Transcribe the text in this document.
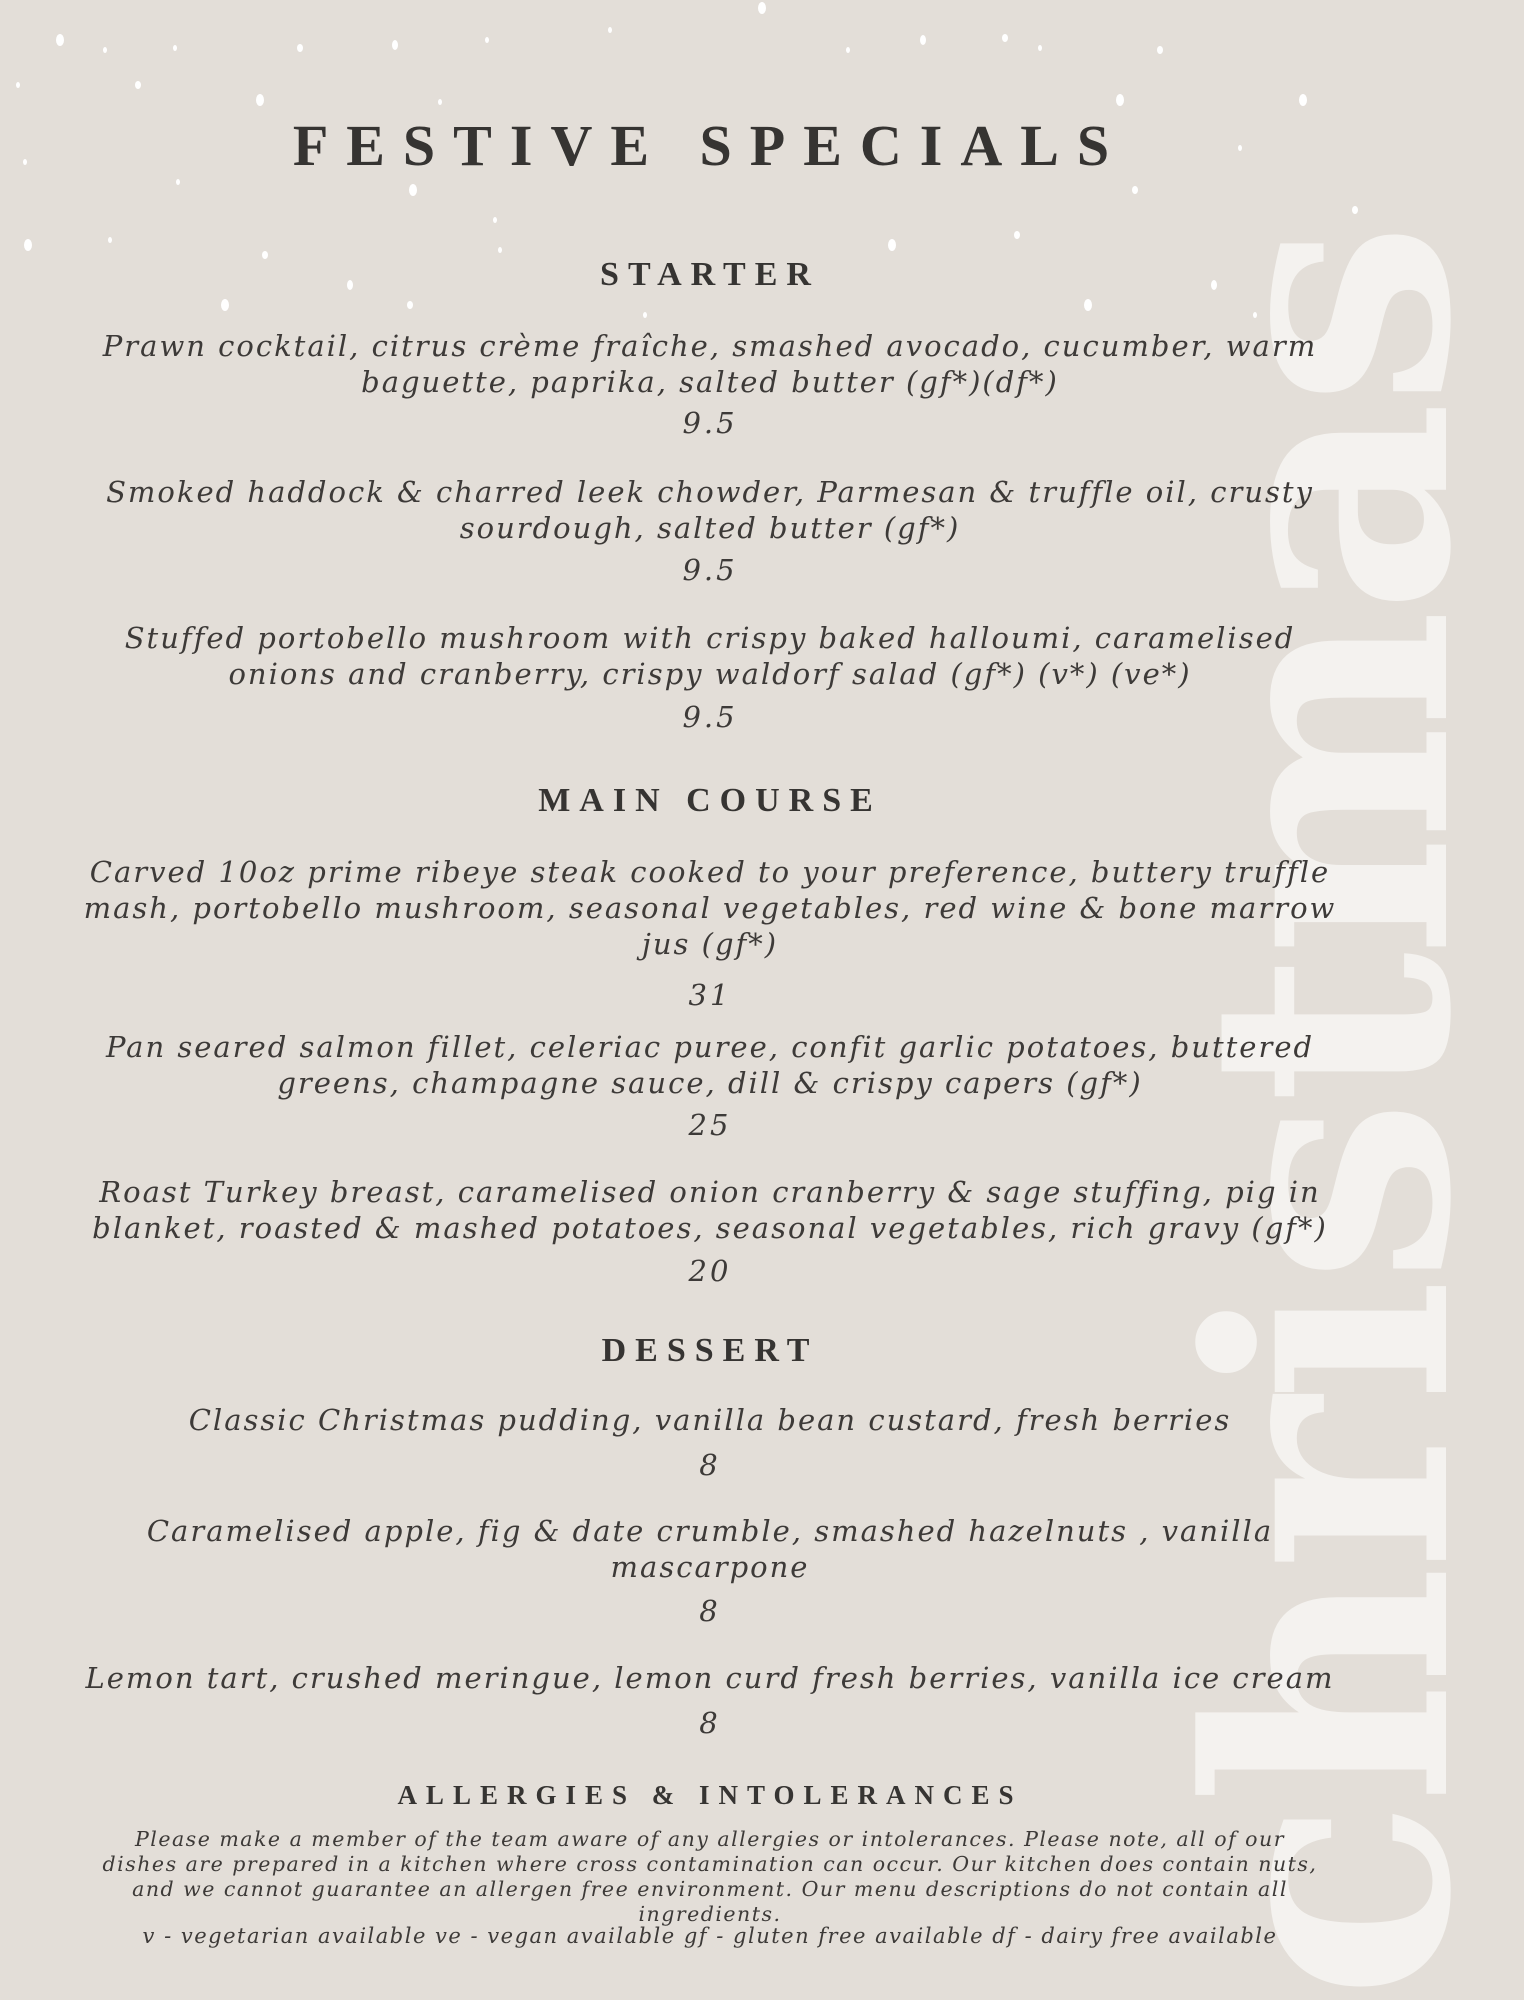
christmas
FESTIVE SPECIALS
STARTER
Prawn cocktail, citrus crème fraîche, smashed avocado, cucumber, warm baguette, paprika, salted butter (gf*)(df*)
9.5
Smoked haddock & charred leek chowder, Parmesan & truffle oil, crusty sourdough, salted butter (gf*)
9.5
Stuffed portobello mushroom with crispy baked halloumi, caramelised onions and cranberry, crispy waldorf salad (gf*) (v*) (ve*)
9.5
MAIN COURSE
Carved 10oz prime ribeye steak cooked to your preference, buttery truffle mash, portobello mushroom, seasonal vegetables, red wine & bone marrow jus (gf*)
31
Pan seared salmon fillet, celeriac puree, confit garlic potatoes, buttered greens, champagne sauce, dill & crispy capers (gf*)
25
Roast Turkey breast, caramelised onion cranberry & sage stuffing, pig in blanket, roasted & mashed potatoes, seasonal vegetables, rich gravy (gf*)
20
DESSERT
Classic Christmas pudding, vanilla bean custard, fresh berries
8
Caramelised apple, fig & date crumble, smashed hazelnuts , vanilla mascarpone
8
Lemon tart, crushed meringue, lemon curd fresh berries, vanilla ice cream
8
ALLERGIES & INTOLERANCES
Please make a member of the team aware of any allergies or intolerances. Please note, all of our dishes are prepared in a kitchen where cross contamination can occur. Our kitchen does contain nuts, and we cannot guarantee an allergen free environment. Our menu descriptions do not contain all ingredients.
v - vegetarian available ve - vegan available gf - gluten free available df - dairy free available
